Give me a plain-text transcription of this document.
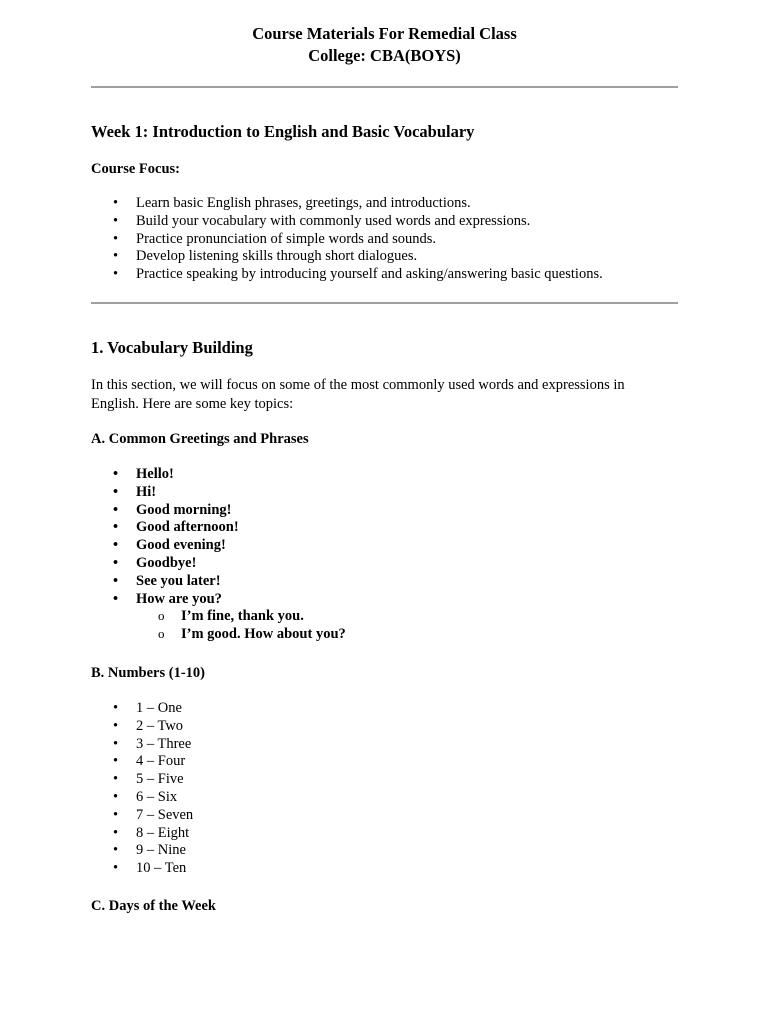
Course Materials For Remedial Class
College: CBA(BOYS)
Week 1: Introduction to English and Basic Vocabulary
Course Focus:
• Learn basic English phrases, greetings, and introductions.
• Build your vocabulary with commonly used words and expressions.
• Practice pronunciation of simple words and sounds.
• Develop listening skills through short dialogues.
• Practice speaking by introducing yourself and asking/answering basic questions.
1. Vocabulary Building
In this section, we will focus on some of the most commonly used words and expressions in English. Here are some key topics:
A. Common Greetings and Phrases
• Hello!
• Hi!
• Good morning!
• Good afternoon!
• Good evening!
• Goodbye!
• See you later!
• How are you?
o I’m fine, thank you.
o I’m good. How about you?
B. Numbers (1-10)
• 1 – One
• 2 – Two
• 3 – Three
• 4 – Four
• 5 – Five
• 6 – Six
• 7 – Seven
• 8 – Eight
• 9 – Nine
• 10 – Ten
C. Days of the Week
